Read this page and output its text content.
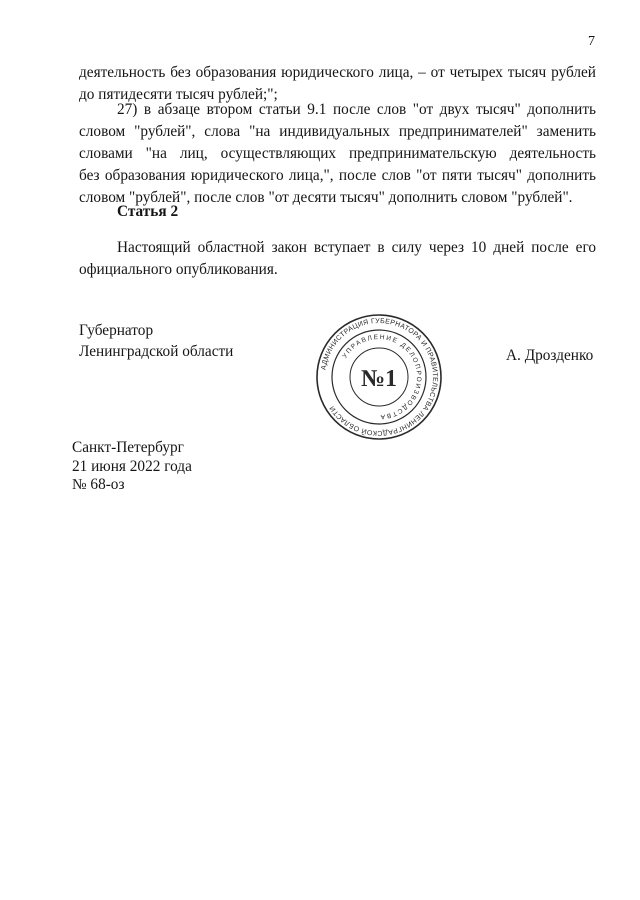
7
деятельность без образования юридического лица, – от четырех тысяч рублей
до пятидесяти тысяч рублей;";
27) в абзаце втором статьи 9.1 после слов "от двух тысяч" дополнить
словом "рублей", слова "на индивидуальных предпринимателей" заменить
словами "на лиц, осуществляющих предпринимательскую деятельность
без образования юридического лица,", после слов "от пяти тысяч" дополнить
словом "рублей", после слов "от десяти тысяч" дополнить словом "рублей".
Статья 2
Настоящий областной закон вступает в силу через 10 дней после его
официального опубликования.
Губернатор
Ленинградской области	А. Дрозденко
АДМИНИСТРАЦИЯ ГУБЕРНАТОРА И ПРАВИТЕЛЬСТВА ЛЕНИНГРАДСКОЙ ОБЛАСТИ
УПРАВЛЕНИЕ ДЕЛОПРОИЗВОДСТВА
№1
Санкт-Петербург
21 июня 2022 года
№ 68-оз
